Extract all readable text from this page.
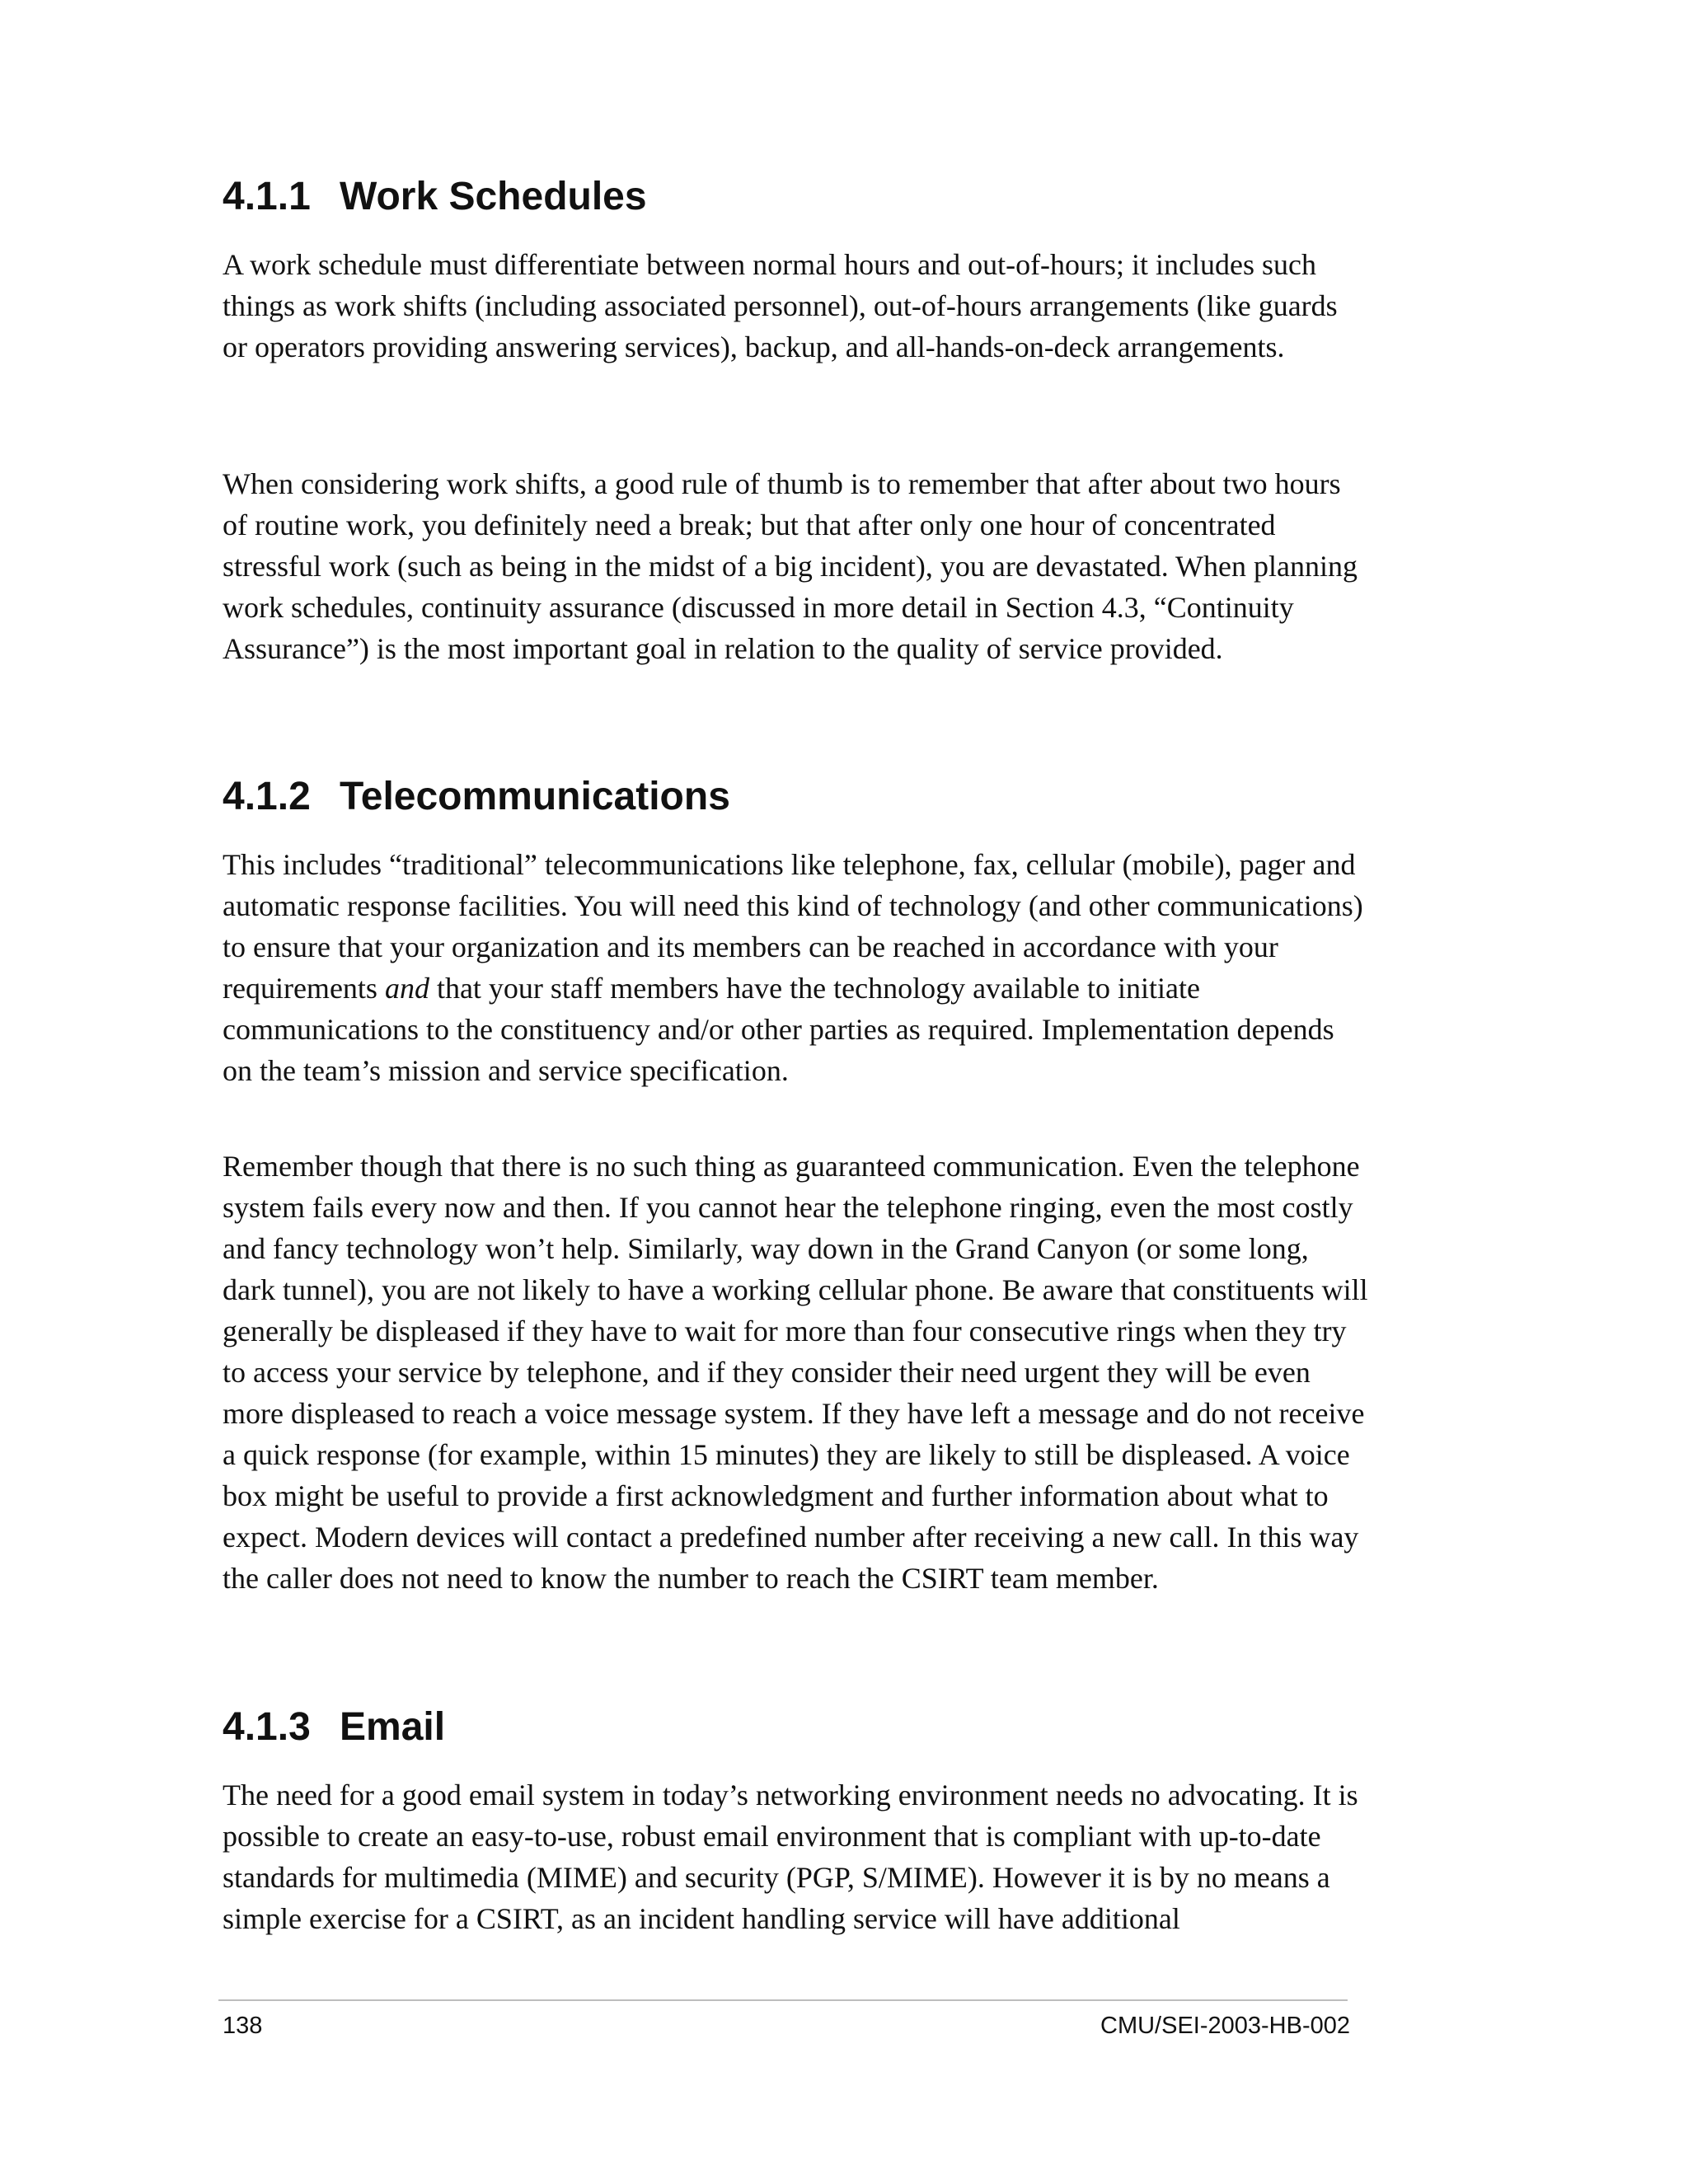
4.1.1 Work Schedules

A work schedule must differentiate between normal hours and out-of-hours; it includes such things as work shifts (including associated personnel), out-of-hours arrangements (like guards or operators providing answering services), backup, and all-hands-on-deck arrangements.

When considering work shifts, a good rule of thumb is to remember that after about two hours of routine work, you definitely need a break; but that after only one hour of concentrated stressful work (such as being in the midst of a big incident), you are devastated. When planning work schedules, continuity assurance (discussed in more detail in Section 4.3, “Continuity Assurance”) is the most important goal in relation to the quality of service provided.

4.1.2 Telecommunications

This includes “traditional” telecommunications like telephone, fax, cellular (mobile), pager and automatic response facilities. You will need this kind of technology (and other communications) to ensure that your organization and its members can be reached in accordance with your requirements and that your staff members have the technology available to initiate communications to the constituency and/or other parties as required. Implementation depends on the team’s mission and service specification.

Remember though that there is no such thing as guaranteed communication. Even the telephone system fails every now and then. If you cannot hear the telephone ringing, even the most costly and fancy technology won’t help. Similarly, way down in the Grand Canyon (or some long, dark tunnel), you are not likely to have a working cellular phone. Be aware that constituents will generally be displeased if they have to wait for more than four consecutive rings when they try to access your service by telephone, and if they consider their need urgent they will be even more displeased to reach a voice message system. If they have left a message and do not receive a quick response (for example, within 15 minutes) they are likely to still be displeased. A voice box might be useful to provide a first acknowledgment and further information about what to expect. Modern devices will contact a predefined number after receiving a new call. In this way the caller does not need to know the number to reach the CSIRT team member.

4.1.3 Email

The need for a good email system in today’s networking environment needs no advocating. It is possible to create an easy-to-use, robust email environment that is compliant with up-to-date standards for multimedia (MIME) and security (PGP, S/MIME). However it is by no means a simple exercise for a CSIRT, as an incident handling service will have additional

138	CMU/SEI-2003-HB-002
